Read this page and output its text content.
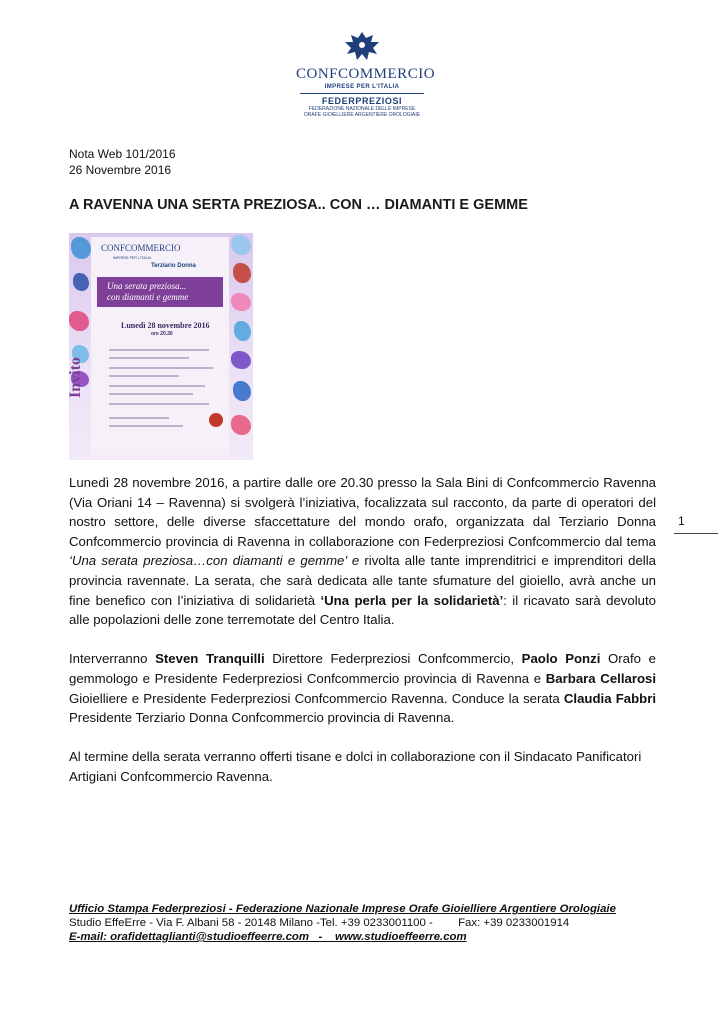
CONFCOMMERCIO
IMPRESE PER L'ITALIA
FEDERPREZIOSI
FEDERAZIONE NAZIONALE DELLE IMPRESE
ORAFE GIOIELLIERE ARGENTIERE OROLOGIAIE
Nota Web 101/2016
26 Novembre 2016
A RAVENNA UNA SERTA PREZIOSA.. CON … DIAMANTI E GEMME
CONFCOMMERCIO
IMPRESE PER L'ITALIA
Terziario Donna
Una serata preziosa...
con diamanti e gemme
Lunedì 28 novembre 2016
ore 20.30
Invito

Lunedì 28 novembre 2016, a partire dalle ore 20.30 presso la Sala Bini di Confcommercio Ravenna (Via Oriani 14 – Ravenna) si svolgerà l’iniziativa, focalizzata sul racconto, da parte di operatori del nostro settore, delle diverse sfaccettature del mondo orafo, organizzata dal Terziario Donna Confcommercio provincia di Ravenna in collaborazione con Federpreziosi Confcommercio dal tema ‘Una serata preziosa…con diamanti e gemme’ e rivolta alle tante imprenditrici e imprenditori della provincia ravennate. La serata, che sarà dedicata alle tante sfumature del gioiello, avrà anche un fine benefico con l’iniziativa di solidarietà ‘Una perla per la solidarietà’: il ricavato sarà devoluto alle popolazioni delle zone terremotate del Centro Italia.

Interverranno Steven Tranquilli Direttore Federpreziosi Confcommercio, Paolo Ponzi Orafo e gemmologo e Presidente Federpreziosi Confcommercio provincia di Ravenna e Barbara Cellarosi Gioielliere e Presidente Federpreziosi Confcommercio Ravenna. Conduce la serata Claudia Fabbri Presidente Terziario Donna Confcommercio provincia di Ravenna.

Al termine della serata verranno offerti tisane e dolci in collaborazione con il Sindacato Panificatori Artigiani Confcommercio Ravenna.

1
Ufficio Stampa Federpreziosi - Federazione Nazionale Imprese Orafe Gioielliere Argentiere Orologiaie
Studio EffeErre - Via F. Albani 58 - 20148 Milano -Tel. +39 0233001100 -        Fax: +39 0233001914
E-mail: orafidettaglianti@studioeffeerre.com   -    www.studioeffeerre.com
